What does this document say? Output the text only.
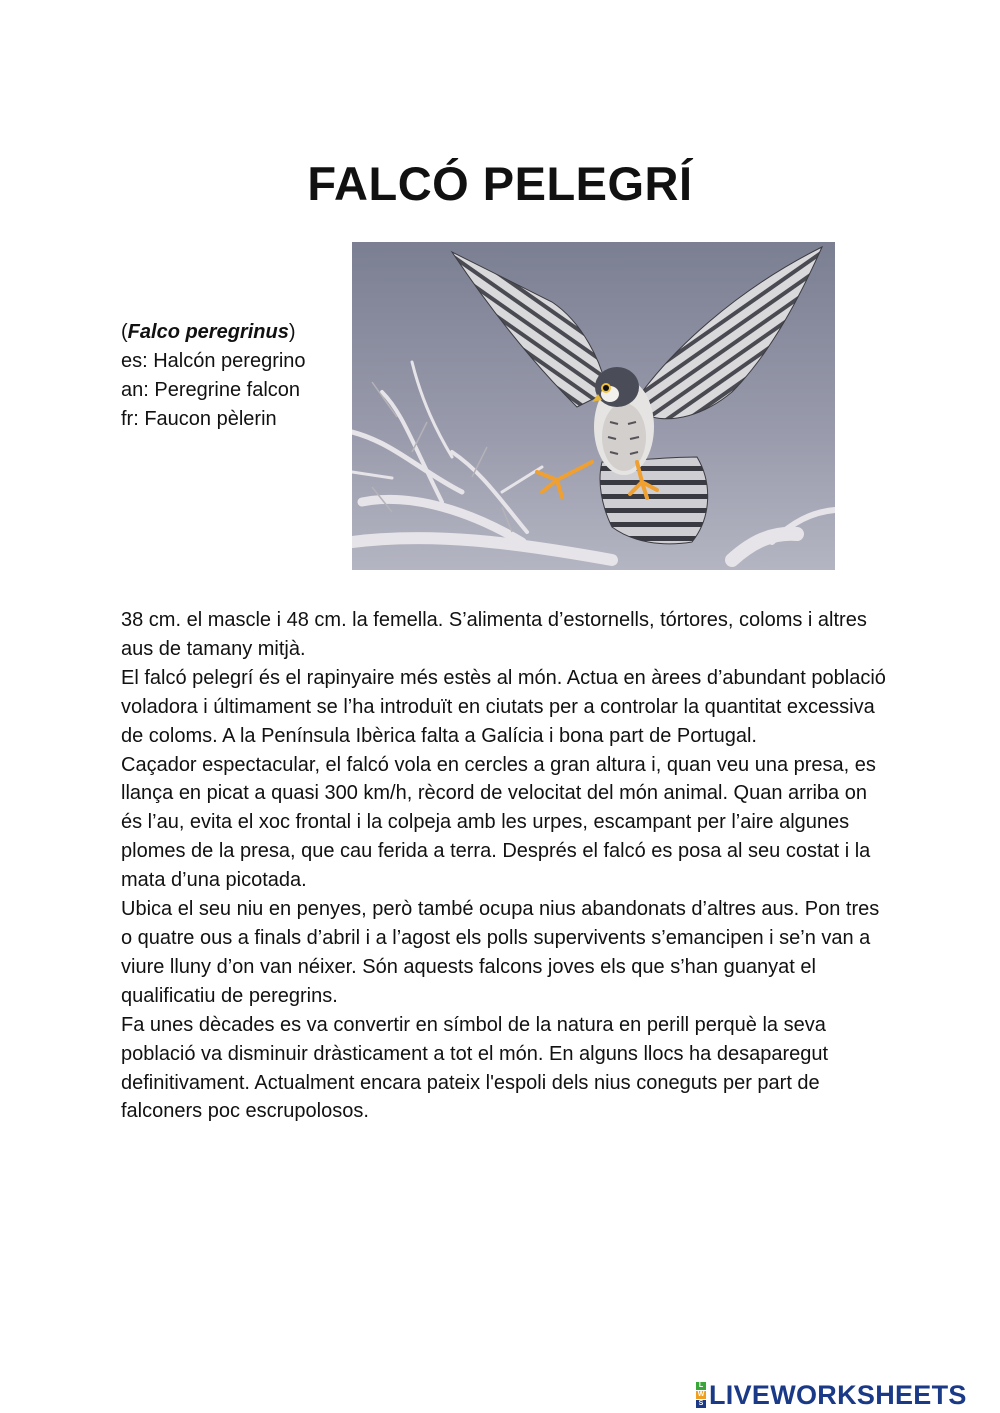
FALCÓ PELEGRÍ
(Falco peregrinus)
es: Halcón peregrino
an: Peregrine falcon
fr: Faucon pèlerin

38 cm. el mascle i 48 cm. la femella. S’alimenta d’estornells, tórtores, coloms i altres aus de tamany mitjà.

El falcó pelegrí és el rapinyaire més estès al món. Actua en àrees d’abundant població voladora i últimament se l’ha introduït en ciutats per a controlar la quantitat excessiva de coloms. A la Península Ibèrica falta a Galícia i bona part de Portugal.

Caçador espectacular, el falcó vola en cercles a gran altura i, quan veu una presa, es llança en picat a quasi 300 km/h, rècord de velocitat del món animal. Quan arriba on és l’au, evita el xoc frontal i la colpeja amb les urpes, escampant per l’aire algunes plomes de la presa, que cau ferida a terra. Després el falcó es posa al seu costat i la mata d’una picotada.

Ubica el seu niu en penyes, però també ocupa nius abandonats d’altres aus. Pon tres o quatre ous a finals d’abril i a l’agost els polls supervivents s’emancipen i se’n van a viure lluny d’on van néixer. Són aquests falcons joves els que s’han guanyat el qualificatiu de peregrins.

Fa unes dècades es va convertir en símbol de la natura en perill perquè la seva població va disminuir dràsticament a tot el món. En alguns llocs ha desaparegut definitivament. Actualment encara pateix l'espoli dels nius coneguts per part de falconers poc escrupolosos.

L
W
S LIVEWORKSHEETS
